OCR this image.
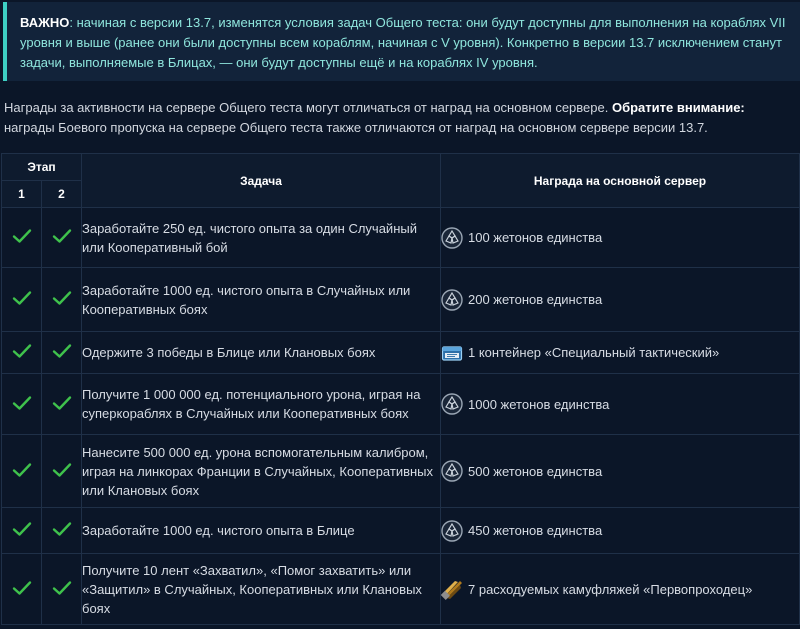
ВАЖНО: начиная с версии 13.7, изменятся условия задач Общего теста: они будут доступны для выполнения на кораблях VII уровня и выше (ранее они были доступны всем кораблям, начиная с V уровня). Конкретно в версии 13.7 исключением станут задачи, выполняемые в Блицах, — они будут доступны ещё и на кораблях IV уровня.
Награды за активности на сервере Общего теста могут отличаться от наград на основном сервере. Обратите внимание: награды Боевого пропуска на сервере Общего теста также отличаются от наград на основном сервере версии 13.7.
Этап		Задача	Награда на основной сервер
1	2		
		Заработайте 250 ед. чистого опыта за один Случайный или Кооперативный бой	100 жетонов единства

		Заработайте 1000 ед. чистого опыта в Случайных или Кооперативных боях	200 жетонов единства

		Одержите 3 победы в Блице или Клановых боях	1 контейнер «Специальный тактический»

		Получите 1 000 000 ед. потенциального урона, играя на суперкораблях в Случайных или Кооперативных боях	1000 жетонов единства

		Нанесите 500 000 ед. урона вспомогательным калибром, играя на линкорах Франции в Случайных, Кооперативных или Клановых боях	500 жетонов единства

		Заработайте 1000 ед. чистого опыта в Блице	450 жетонов единства

		Получите 10 лент «Захватил», «Помог захватить» или «Защитил» в Случайных, Кооперативных или Клановых боях	7 расходуемых камуфляжей «Первопроходец»
